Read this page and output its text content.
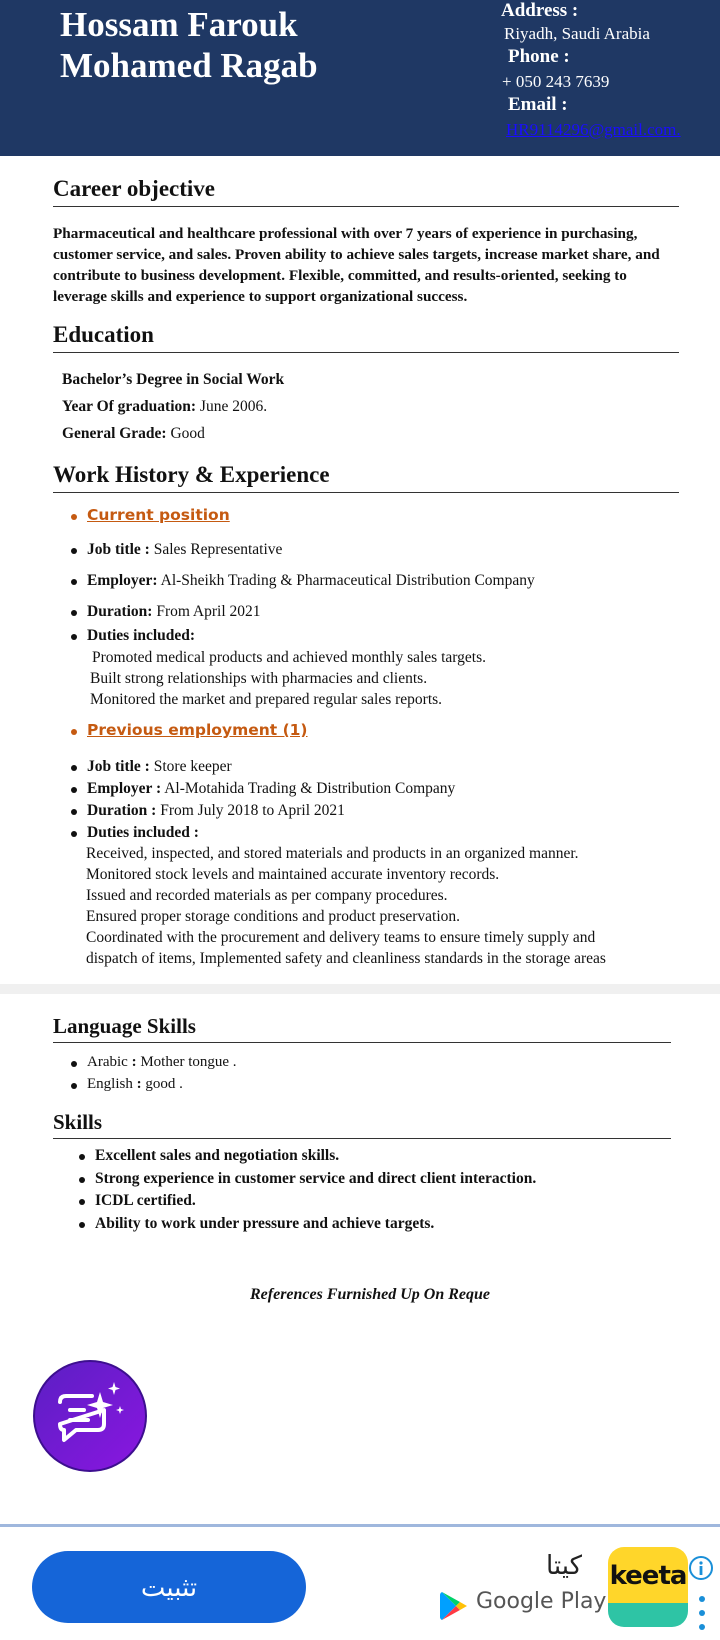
Hossam Farouk
Mohamed Ragab
Address :
Riyadh, Saudi Arabia
Phone :
+ 050 243 7639
Email :
HR9114296@gmail.com.
Career objective

Pharmaceutical and healthcare professional with over 7 years of experience in purchasing,
customer service, and sales. Proven ability to achieve sales targets, increase market share, and
contribute to business development. Flexible, committed, and results-oriented, seeking to
leverage skills and experience to support organizational success.

Education
Bachelor’s Degree in Social Work
Year Of graduation: June 2006.
General Grade: Good
Work History & Experience
Current position
Job title : Sales Representative
Employer: Al-Sheikh Trading & Pharmaceutical Distribution Company
Duration: From April 2021
Duties included:
Promoted medical products and achieved monthly sales targets.
Built strong relationships with pharmacies and clients.
Monitored the market and prepared regular sales reports.
Previous employment (1)
Job title : Store keeper
Employer : Al-Motahida Trading & Distribution Company
Duration : From July 2018 to April 2021
Duties included :
Received, inspected, and stored materials and products in an organized manner.
Monitored stock levels and maintained accurate inventory records.
Issued and recorded materials as per company procedures.
Ensured proper storage conditions and product preservation.
Coordinated with the procurement and delivery teams to ensure timely supply and
dispatch of items, Implemented safety and cleanliness standards in the storage areas
Language Skills
Arabic : Mother tongue .
English : good .
Skills
Excellent sales and negotiation skills.
Strong experience in customer service and direct client interaction.
ICDL certified.
Ability to work under pressure and achieve targets.
References Furnished Up On Reque
تثبيت
كيتا
Google Play
keeta
